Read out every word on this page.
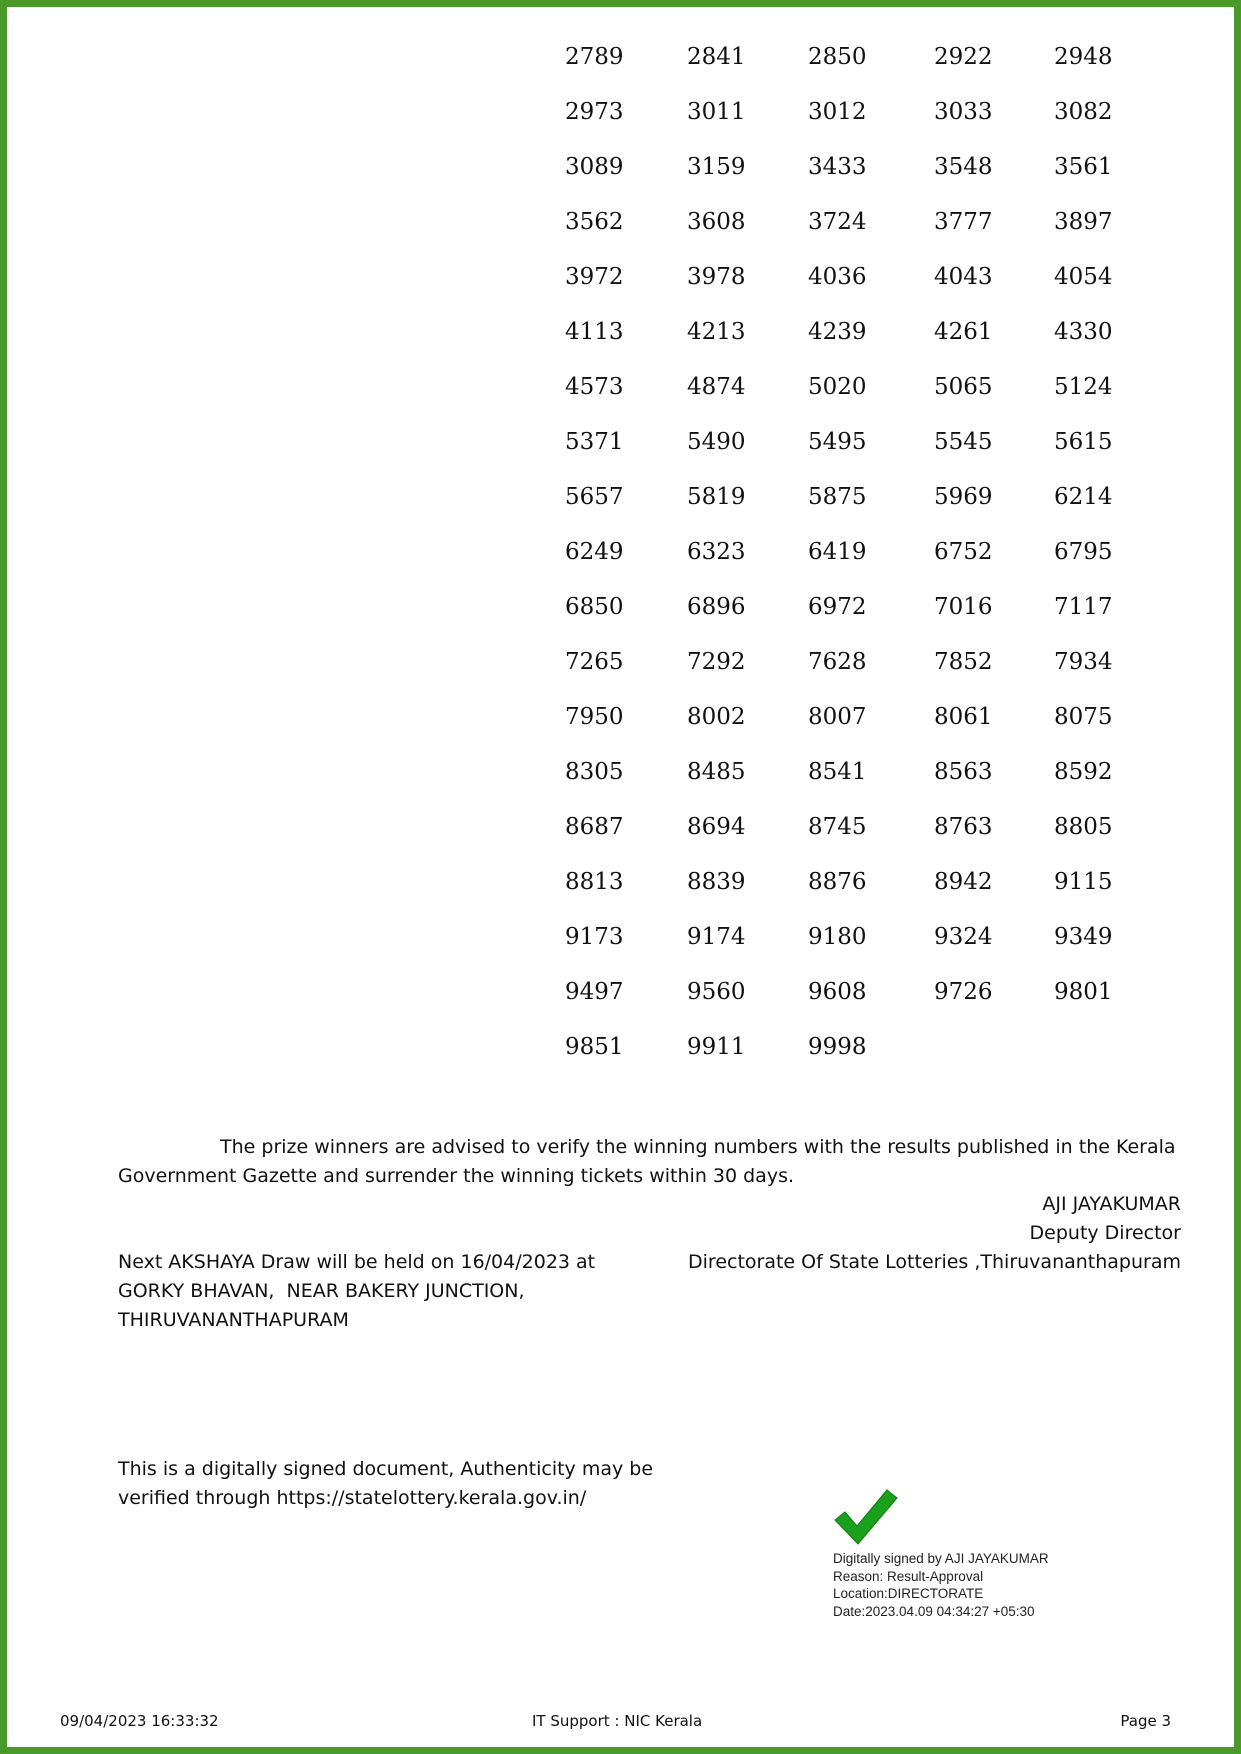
2789	2841	2850	2922	2948
2973	3011	3012	3033	3082
3089	3159	3433	3548	3561
3562	3608	3724	3777	3897
3972	3978	4036	4043	4054
4113	4213	4239	4261	4330
4573	4874	5020	5065	5124
5371	5490	5495	5545	5615
5657	5819	5875	5969	6214
6249	6323	6419	6752	6795
6850	6896	6972	7016	7117
7265	7292	7628	7852	7934
7950	8002	8007	8061	8075
8305	8485	8541	8563	8592
8687	8694	8745	8763	8805
8813	8839	8876	8942	9115
9173	9174	9180	9324	9349
9497	9560	9608	9726	9801
9851	9911	9998
The prize winners are advised to verify the winning numbers with the results published in the Kerala
Government Gazette and surrender the winning tickets within 30 days.
AJI JAYAKUMAR
Deputy Director
Directorate Of State Lotteries ,Thiruvananthapuram
Next AKSHAYA Draw will be held on 16/04/2023 at
GORKY BHAVAN,  NEAR BAKERY JUNCTION,
THIRUVANANTHAPURAM
This is a digitally signed document, Authenticity may be
verified through https://statelottery.kerala.gov.in/
Digitally signed by AJI JAYAKUMAR
Reason: Result-Approval
Location:DIRECTORATE
Date:2023.04.09 04:34:27 +05:30
09/04/2023 16:33:32	IT Support : NIC Kerala	Page 3
